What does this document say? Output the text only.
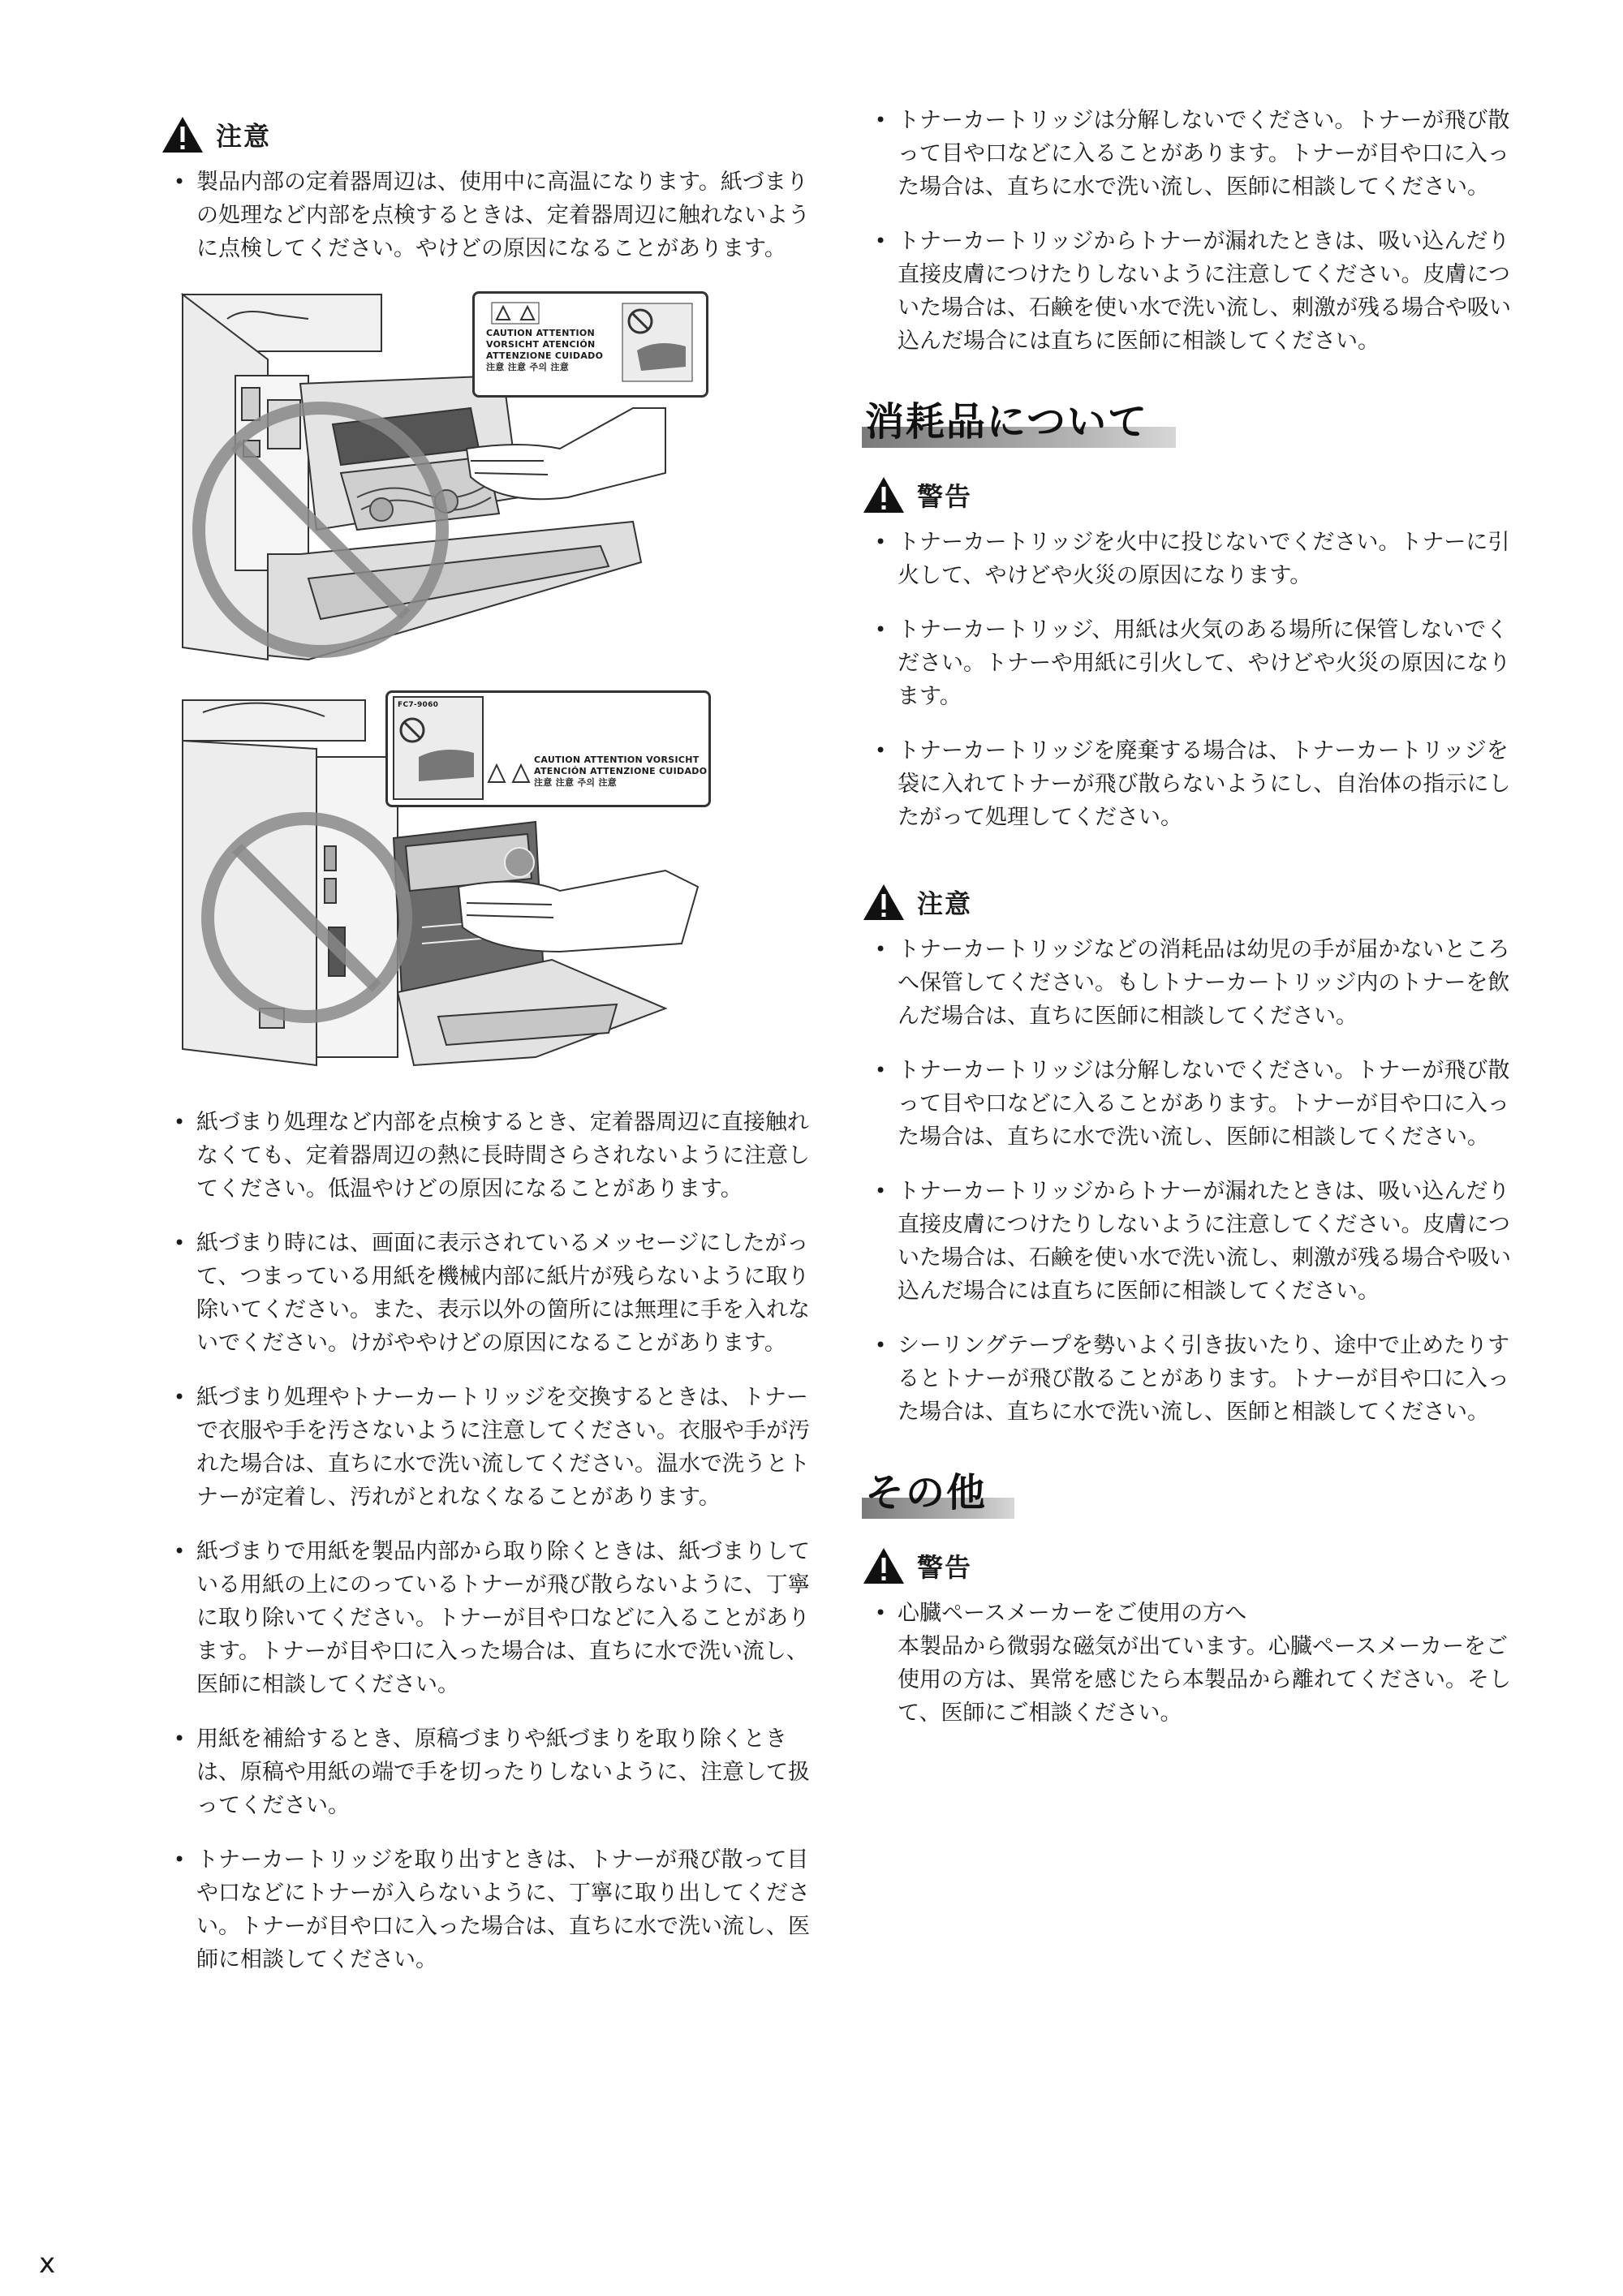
注意
• 製品内部の定着器周辺は、使用中に高温になります。紙づまりの処理など内部を点検するときは、定着器周辺に触れないように点検してください。やけどの原因になることがあります。
CAUTION ATTENTION
VORSICHT ATENCIÓN
ATTENZIONE CUIDADO
注意 注意 주의 注意
FC7-9060
CAUTION ATTENTION VORSICHT
ATENCIÓN ATTENZIONE CUIDADO
注意 注意 주의 注意
• 紙づまり処理など内部を点検するとき、定着器周辺に直接触れなくても、定着器周辺の熱に長時間さらされないように注意してください。低温やけどの原因になることがあります。
• 紙づまり時には、画面に表示されているメッセージにしたがって、つまっている用紙を機械内部に紙片が残らないように取り除いてください。また、表示以外の箇所には無理に手を入れないでください。けがややけどの原因になることがあります。
• 紙づまり処理やトナーカートリッジを交換するときは、トナーで衣服や手を汚さないように注意してください。衣服や手が汚れた場合は、直ちに水で洗い流してください。温水で洗うとトナーが定着し、汚れがとれなくなることがあります。
• 紙づまりで用紙を製品内部から取り除くときは、紙づまりしている用紙の上にのっているトナーが飛び散らないように、丁寧に取り除いてください。トナーが目や口などに入ることがあります。トナーが目や口に入った場合は、直ちに水で洗い流し、医師に相談してください。
• 用紙を補給するとき、原稿づまりや紙づまりを取り除くときは、原稿や用紙の端で手を切ったりしないように、注意して扱ってください。
• トナーカートリッジを取り出すときは、トナーが飛び散って目や口などにトナーが入らないように、丁寧に取り出してください。トナーが目や口に入った場合は、直ちに水で洗い流し、医師に相談してください。
• トナーカートリッジは分解しないでください。トナーが飛び散って目や口などに入ることがあります。トナーが目や口に入った場合は、直ちに水で洗い流し、医師に相談してください。
• トナーカートリッジからトナーが漏れたときは、吸い込んだり直接皮膚につけたりしないように注意してください。皮膚についた場合は、石鹸を使い水で洗い流し、刺激が残る場合や吸い込んだ場合には直ちに医師に相談してください。
消耗品について
警告
• トナーカートリッジを火中に投じないでください。トナーに引火して、やけどや火災の原因になります。
• トナーカートリッジ、用紙は火気のある場所に保管しないでください。トナーや用紙に引火して、やけどや火災の原因になります。
• トナーカートリッジを廃棄する場合は、トナーカートリッジを袋に入れてトナーが飛び散らないようにし、自治体の指示にしたがって処理してください。
注意
• トナーカートリッジなどの消耗品は幼児の手が届かないところへ保管してください。もしトナーカートリッジ内のトナーを飲んだ場合は、直ちに医師に相談してください。
• トナーカートリッジは分解しないでください。トナーが飛び散って目や口などに入ることがあります。トナーが目や口に入った場合は、直ちに水で洗い流し、医師に相談してください。
• トナーカートリッジからトナーが漏れたときは、吸い込んだり直接皮膚につけたりしないように注意してください。皮膚についた場合は、石鹸を使い水で洗い流し、刺激が残る場合や吸い込んだ場合には直ちに医師に相談してください。
• シーリングテープを勢いよく引き抜いたり、途中で止めたりするとトナーが飛び散ることがあります。トナーが目や口に入った場合は、直ちに水で洗い流し、医師と相談してください。
その他
警告
• 心臓ペースメーカーをご使用の方へ
本製品から微弱な磁気が出ています。心臓ペースメーカーをご使用の方は、異常を感じたら本製品から離れてください。そして、医師にご相談ください。
x
